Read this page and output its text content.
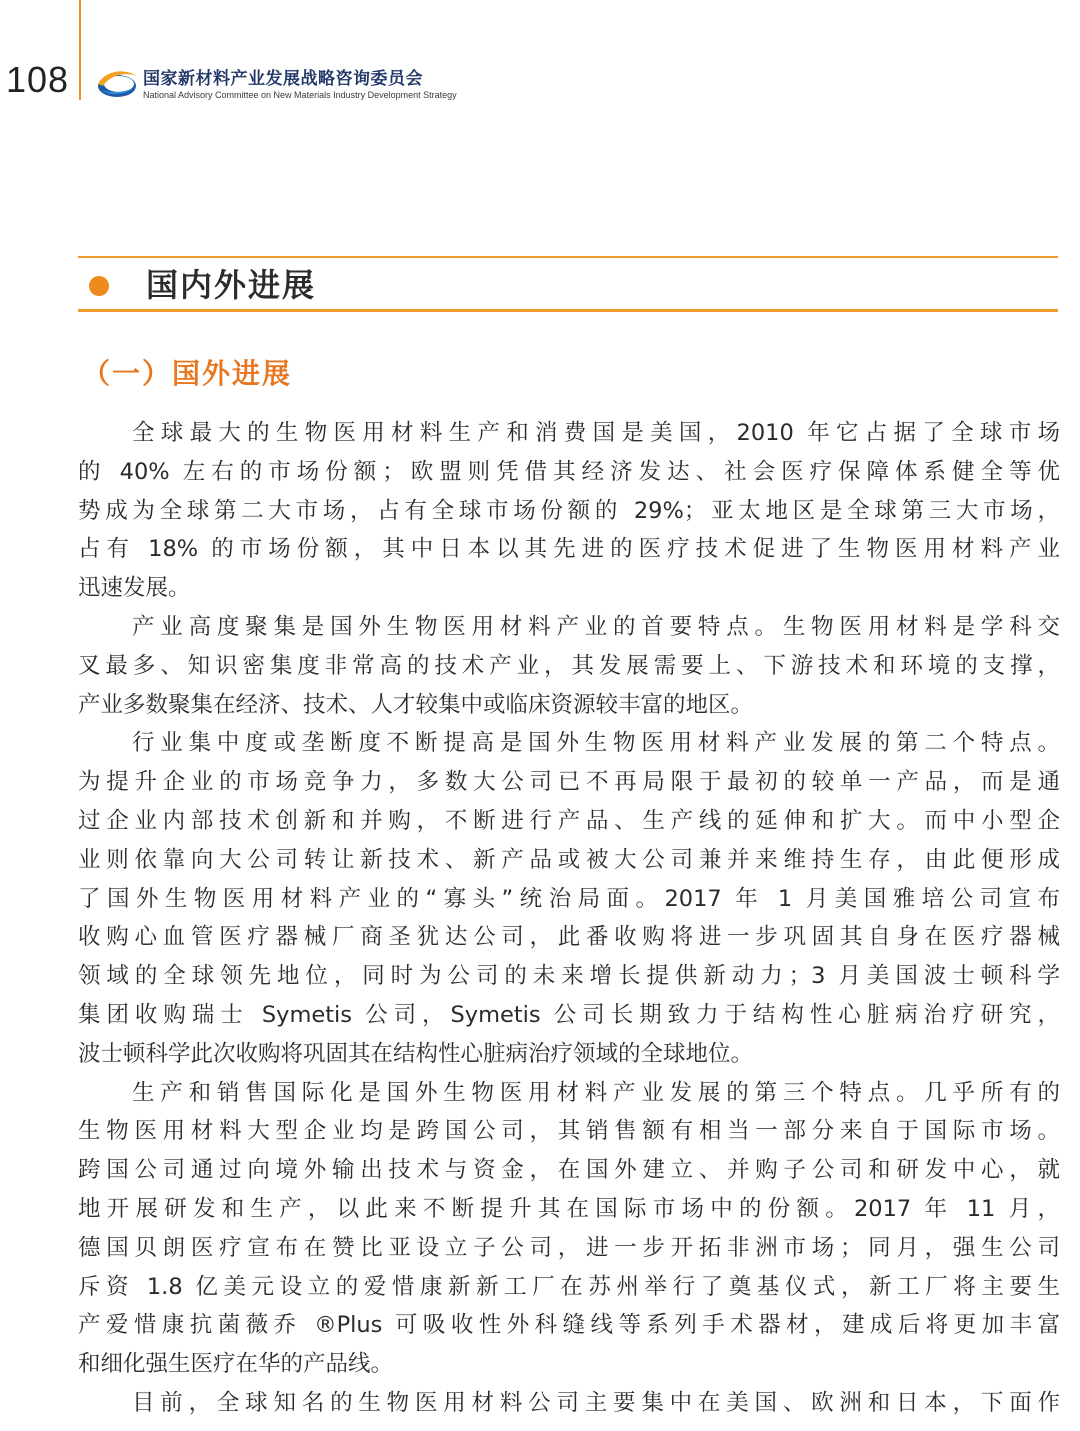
108	国家新材料产业发展战略咨询委员会
National Advisory Committee on New Materials Industry Development Strategy
国内外进展
（一）国外进展
全球最大的生物医用材料生产和消费国是美国，2010 年它占据了全球市场
的 40% 左右的市场份额；欧盟则凭借其经济发达、社会医疗保障体系健全等优
势成为全球第二大市场，占有全球市场份额的 29%；亚太地区是全球第三大市场，
占有 18% 的市场份额，其中日本以其先进的医疗技术促进了生物医用材料产业
迅速发展。
产业高度聚集是国外生物医用材料产业的首要特点。生物医用材料是学科交
叉最多、知识密集度非常高的技术产业，其发展需要上、下游技术和环境的支撑，
产业多数聚集在经济、技术、人才较集中或临床资源较丰富的地区。
行业集中度或垄断度不断提高是国外生物医用材料产业发展的第二个特点。
为提升企业的市场竞争力，多数大公司已不再局限于最初的较单一产品，而是通
过企业内部技术创新和并购，不断进行产品、生产线的延伸和扩大。而中小型企
业则依靠向大公司转让新技术、新产品或被大公司兼并来维持生存，由此便形成
了国外生物医用材料产业的“寡头”统治局面。2017 年 1 月美国雅培公司宣布
收购心血管医疗器械厂商圣犹达公司，此番收购将进一步巩固其自身在医疗器械
领域的全球领先地位，同时为公司的未来增长提供新动力；3 月美国波士顿科学
集团收购瑞士 Symetis 公司，Symetis 公司长期致力于结构性心脏病治疗研究，
波士顿科学此次收购将巩固其在结构性心脏病治疗领域的全球地位。
生产和销售国际化是国外生物医用材料产业发展的第三个特点。几乎所有的
生物医用材料大型企业均是跨国公司，其销售额有相当一部分来自于国际市场。
跨国公司通过向境外输出技术与资金，在国外建立、并购子公司和研发中心，就
地开展研发和生产，以此来不断提升其在国际市场中的份额。2017 年 11 月，
德国贝朗医疗宣布在赞比亚设立子公司，进一步开拓非洲市场；同月，强生公司
斥资 1.8 亿美元设立的爱惜康新新工厂在苏州举行了奠基仪式，新工厂将主要生
产爱惜康抗菌薇乔 ®Plus 可吸收性外科缝线等系列手术器材，建成后将更加丰富
和细化强生医疗在华的产品线。
目前，全球知名的生物医用材料公司主要集中在美国、欧洲和日本，下面作
